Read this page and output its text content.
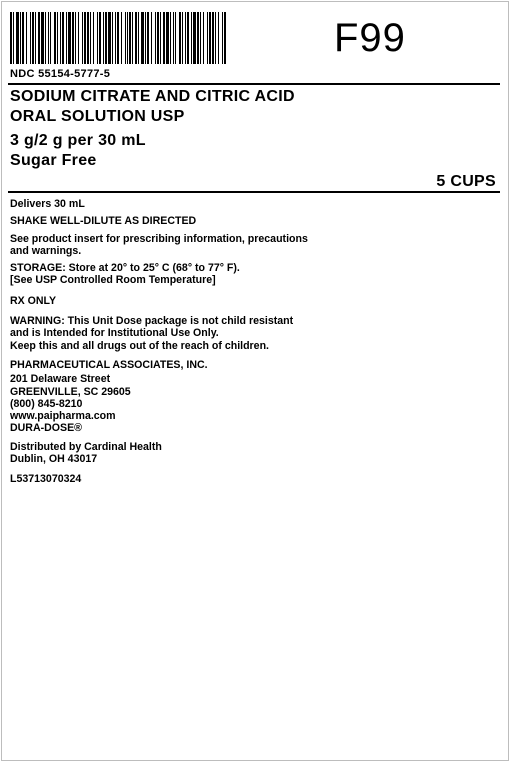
F99
NDC 55154-5777-5
SODIUM CITRATE AND CITRIC ACID
ORAL SOLUTION USP
3 g/2 g per 30 mL
Sugar Free
5 CUPS

Delivers 30 mL

SHAKE WELL-DILUTE AS DIRECTED

See product insert for prescribing information, precautions

and warnings.

STORAGE: Store at 20° to 25° C (68° to 77° F).

[See USP Controlled Room Temperature]

RX ONLY

WARNING: This Unit Dose package is not child resistant

and is Intended for Institutional Use Only.

Keep this and all drugs out of the reach of children.

PHARMACEUTICAL ASSOCIATES, INC.

201 Delaware Street

GREENVILLE, SC 29605

(800) 845-8210

www.paipharma.com

DURA-DOSE®

Distributed by Cardinal Health

Dublin, OH 43017

L53713070324
